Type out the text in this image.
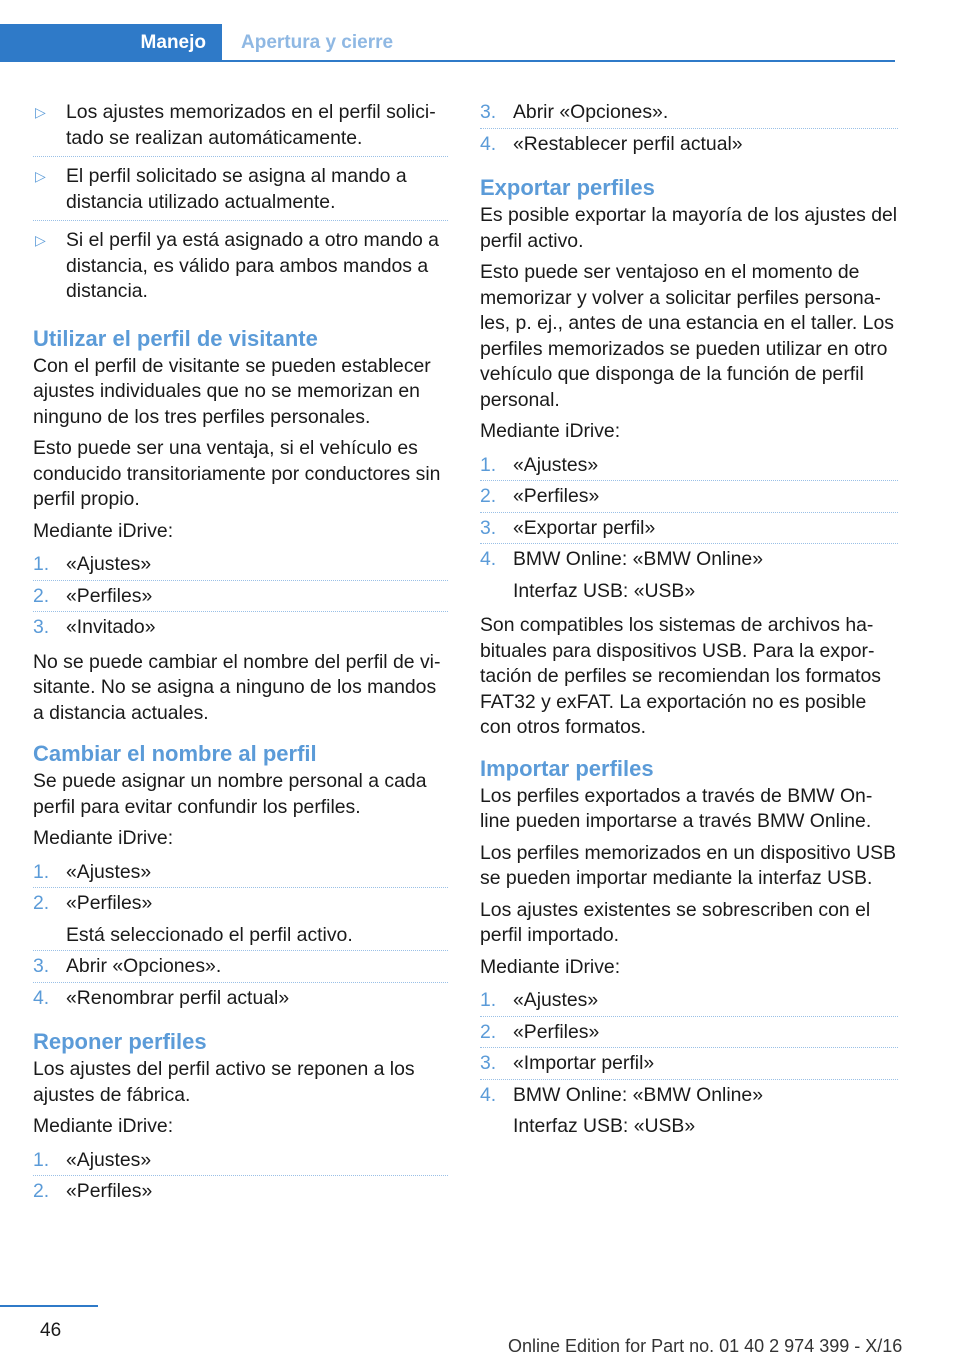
Manejo	Apertura y cierre
▷ Los ajustes memorizados en el perfil solici‐ tado se realizan automáticamente.
▷ El perfil solicitado se asigna al mando a distancia utilizado actualmente.
▷ Si el perfil ya está asignado a otro mando a distancia, es válido para ambos mandos a distancia.
Utilizar el perfil de visitante
Con el perfil de visitante se pueden establecer ajustes individuales que no se memorizan en ninguno de los tres perfiles personales.
Esto puede ser una ventaja, si el vehículo es conducido transitoriamente por conductores sin perfil propio.
Mediante iDrive:
1. «Ajustes»
2. «Perfiles»
3. «Invitado»
No se puede cambiar el nombre del perfil de vi‐ sitante. No se asigna a ninguno de los mandos a distancia actuales.
Cambiar el nombre al perfil
Se puede asignar un nombre personal a cada perfil para evitar confundir los perfiles.
Mediante iDrive:
1. «Ajustes»
2. «Perfiles»
Está seleccionado el perfil activo.
3. Abrir «Opciones».
4. «Renombrar perfil actual»
Reponer perfiles
Los ajustes del perfil activo se reponen a los ajustes de fábrica.
Mediante iDrive:
1. «Ajustes»
2. «Perfiles»
3. Abrir «Opciones».
4. «Restablecer perfil actual»
Exportar perfiles
Es posible exportar la mayoría de los ajustes del perfil activo.
Esto puede ser ventajoso en el momento de memorizar y volver a solicitar perfiles persona‐ les, p. ej., antes de una estancia en el taller. Los perfiles memorizados se pueden utilizar en otro vehículo que disponga de la función de perfil personal.
Mediante iDrive:
1. «Ajustes»
2. «Perfiles»
3. «Exportar perfil»
4. BMW Online: «BMW Online»
Interfaz USB: «USB»
Son compatibles los sistemas de archivos ha‐ bituales para dispositivos USB. Para la expor‐ tación de perfiles se recomiendan los formatos FAT32 y exFAT. La exportación no es posible con otros formatos.
Importar perfiles
Los perfiles exportados a través de BMW On‐ line pueden importarse a través BMW Online.
Los perfiles memorizados en un dispositivo USB se pueden importar mediante la interfaz USB.
Los ajustes existentes se sobrescriben con el perfil importado.
Mediante iDrive:
1. «Ajustes»
2. «Perfiles»
3. «Importar perfil»
4. BMW Online: «BMW Online»
Interfaz USB: «USB»
46
Online Edition for Part no. 01 40 2 974 399 - X/16
